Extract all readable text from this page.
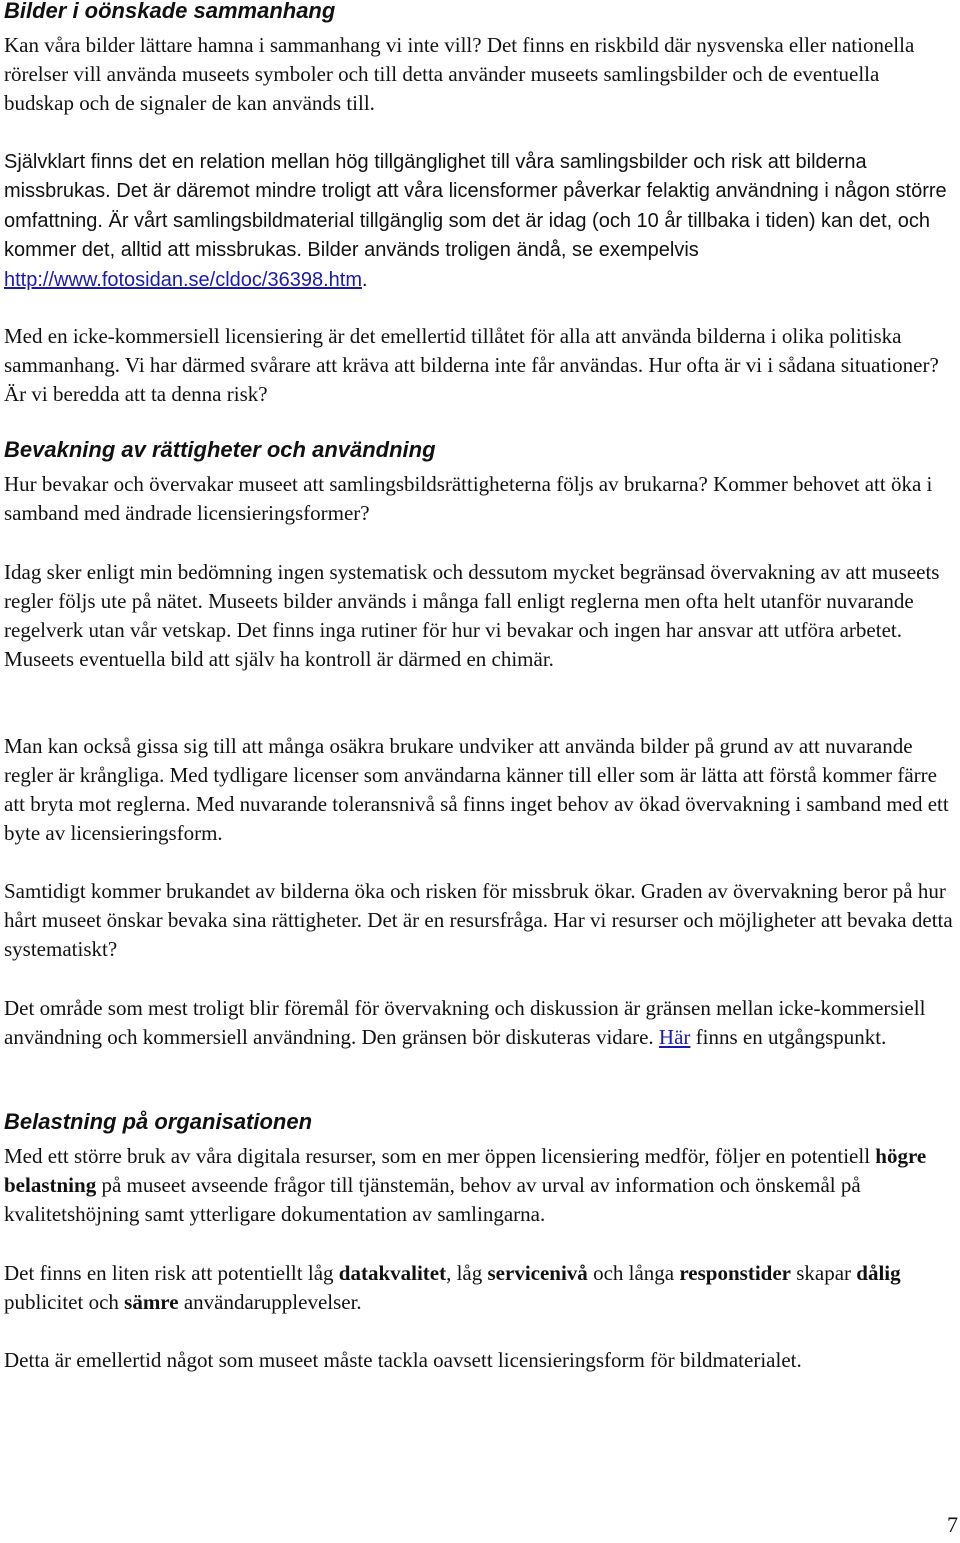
Bilder i oönskade sammanhang

Kan våra bilder lättare hamna i sammanhang vi inte vill? Det finns en riskbild där nysvenska eller nationella rörelser vill använda museets symboler och till detta använder museets samlingsbilder och de eventuella budskap och de signaler de kan används till.

Självklart finns det en relation mellan hög tillgänglighet till våra samlingsbilder och risk att bilderna missbrukas. Det är däremot mindre troligt att våra licensformer påverkar felaktig användning i någon större omfattning. Är vårt samlingsbildmaterial tillgänglig som det är idag (och 10 år tillbaka i tiden) kan det, och kommer det, alltid att missbrukas. Bilder används troligen ändå, se exempelvis http://www.fotosidan.se/cldoc/36398.htm.

Med en icke-kommersiell licensiering är det emellertid tillåtet för alla att använda bilderna i olika politiska sammanhang. Vi har därmed svårare att kräva att bilderna inte får användas. Hur ofta är vi i sådana situationer? Är vi beredda att ta denna risk?

Bevakning av rättigheter och användning

Hur bevakar och övervakar museet att samlingsbildsrättigheterna följs av brukarna? Kommer behovet att öka i samband med ändrade licensieringsformer?

Idag sker enligt min bedömning ingen systematisk och dessutom mycket begränsad övervakning av att museets regler följs ute på nätet. Museets bilder används i många fall enligt reglerna men ofta helt utanför nuvarande regelverk utan vår vetskap. Det finns inga rutiner för hur vi bevakar och ingen har ansvar att utföra arbetet. Museets eventuella bild att själv ha kontroll är därmed en chimär.

Man kan också gissa sig till att många osäkra brukare undviker att använda bilder på grund av att nuvarande regler är krångliga. Med tydligare licenser som användarna känner till eller som är lätta att förstå kommer färre att bryta mot reglerna. Med nuvarande toleransnivå så finns inget behov av ökad övervakning i samband med ett byte av licensieringsform.

Samtidigt kommer brukandet av bilderna öka och risken för missbruk ökar. Graden av övervakning beror på hur hårt museet önskar bevaka sina rättigheter. Det är en resursfråga. Har vi resurser och möjligheter att bevaka detta systematiskt?

Det område som mest troligt blir föremål för övervakning och diskussion är gränsen mellan icke-kommersiell användning och kommersiell användning. Den gränsen bör diskuteras vidare. Här finns en utgångspunkt.

Belastning på organisationen

Med ett större bruk av våra digitala resurser, som en mer öppen licensiering medför, följer en potentiell högre belastning på museet avseende frågor till tjänstemän, behov av urval av information och önskemål på kvalitetshöjning samt ytterligare dokumentation av samlingarna.

Det finns en liten risk att potentiellt låg datakvalitet, låg servicenivå och långa responstider skapar dålig publicitet och sämre användarupplevelser.

Detta är emellertid något som museet måste tackla oavsett licensieringsform för bildmaterialet.

7
